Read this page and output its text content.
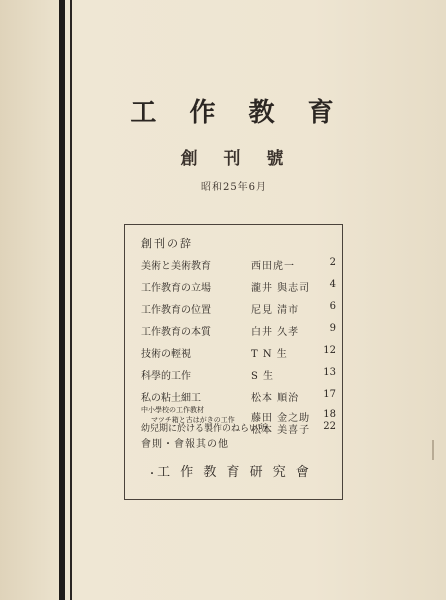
工 作 教 育
創 刊 號
昭和25年6月
創刊の辞
美術と美術教育	西田虎一	2
工作教育の立場	瀧井 與志司 4
工作教育の位置	尼見 清市	6
工作教育の本質	白井 久孝	9
技術の輕視	T N 生	12
科學的工作	S 生	13
私の粘土細工	松本 順治 17
中小學校の工作教材
マツチ箱と古はがきの工作 藤田 金之助 18
幼兒期に於ける製作のねらい所
松本 美喜子 22
會則・會報其の他
・ 工 作 教 育 研 究 會
